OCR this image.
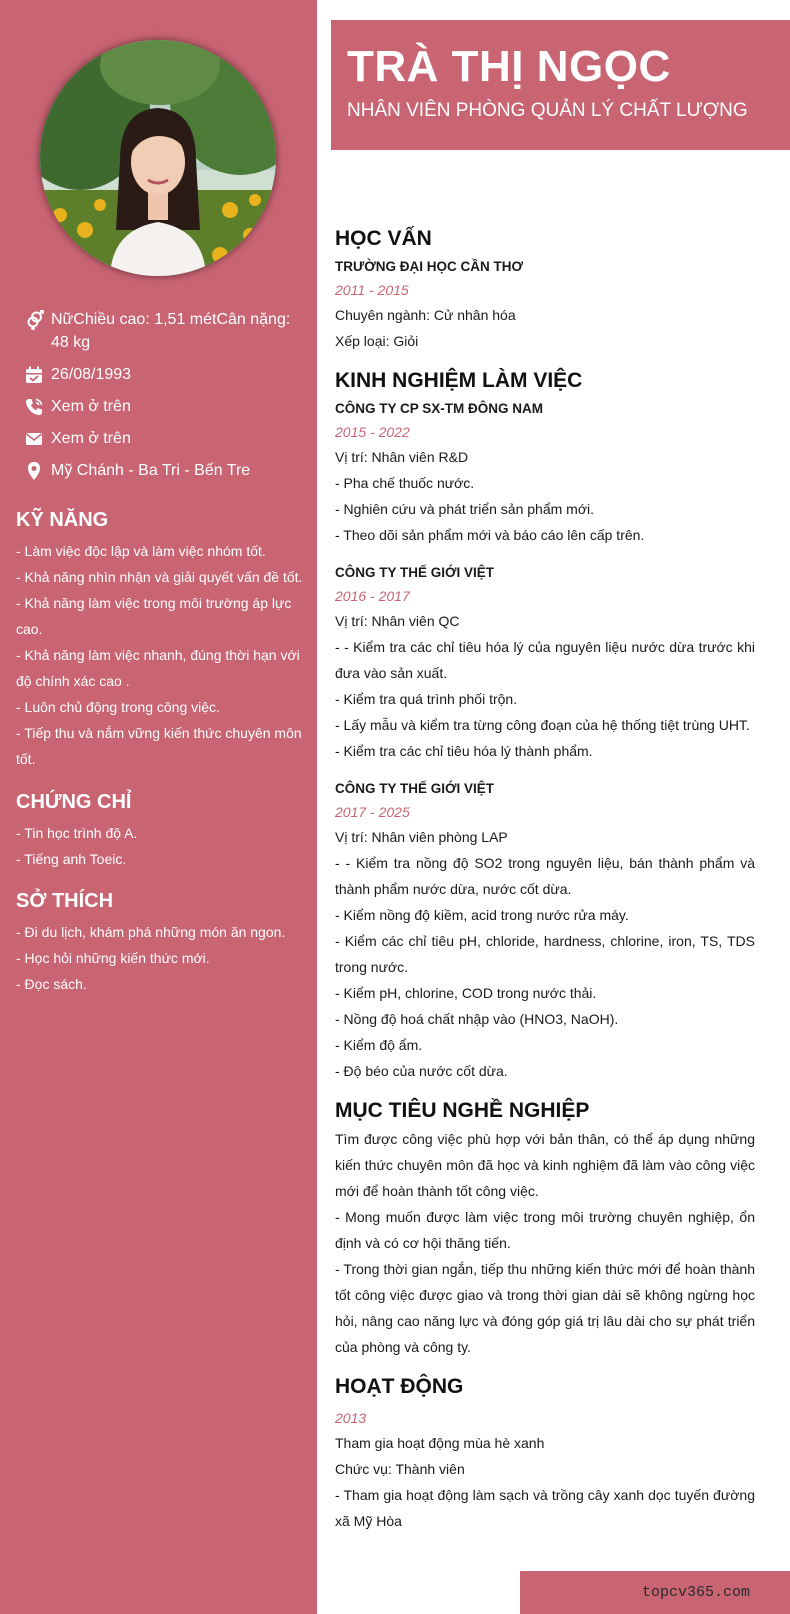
NữChiều cao: 1,51 métCân nặng: 48 kg
26/08/1993
Xem ở trên
Xem ở trên
Mỹ Chánh - Ba Tri - Bến Tre
KỸ NĂNG
- Làm việc độc lập và làm việc nhóm tốt.
- Khả năng nhìn nhận và giải quyết vấn đề tốt.
- Khả năng làm việc trong môi trường áp lực cao.
- Khả năng làm việc nhanh, đúng thời hạn với độ chính xác cao .
- Luôn chủ động trong công việc.
- Tiếp thu và nắm vững kiến thức chuyên môn tốt.
CHỨNG CHỈ
- Tin học trình độ A.
- Tiếng anh Toeic.
SỞ THÍCH
- Đi du lịch, khám phá những món ăn ngon.
- Học hỏi những kiến thức mới.
- Đọc sách.
TRÀ THỊ NGỌC
NHÂN VIÊN PHÒNG QUẢN LÝ CHẤT LƯỢNG
HỌC VẤN
TRƯỜNG ĐẠI HỌC CẦN THƠ
2011 - 2015
Chuyên ngành: Cử nhân hóa
Xếp loại: Giỏi
KINH NGHIỆM LÀM VIỆC
CÔNG TY CP SX-TM ĐÔNG NAM
2015 - 2022
Vị trí: Nhân viên R&D
- Pha chế thuốc nước.
- Nghiên cứu và phát triển sản phẩm mới.
- Theo dõi sản phẩm mới và báo cáo lên cấp trên.
CÔNG TY THẾ GIỚI VIỆT
2016 - 2017
Vị trí: Nhân viên QC
- - Kiểm tra các chỉ tiêu hóa lý của nguyên liệu nước dừa trước khi đưa vào sản xuất.
- Kiểm tra quá trình phối trộn.
- Lấy mẫu và kiểm tra từng công đoạn của hệ thống tiệt trùng UHT.
- Kiểm tra các chỉ tiêu hóa lý thành phẩm.
CÔNG TY THẾ GIỚI VIỆT
2017 - 2025
Vị trí: Nhân viên phòng LAP
- - Kiểm tra nồng độ SO2 trong nguyên liệu, bán thành phẩm và thành phẩm nước dừa, nước cốt dừa.
- Kiểm nồng độ kiềm, acid trong nước rửa máy.
- Kiểm các chỉ tiêu pH, chloride, hardness, chlorine, iron, TS, TDS trong nước.
- Kiểm pH, chlorine, COD trong nước thải.
- Nồng độ hoá chất nhập vào (HNO3, NaOH).
- Kiểm độ ẩm.
- Độ béo của nước cốt dừa.
MỤC TIÊU NGHỀ NGHIỆP
Tìm được công việc phù hợp với bản thân, có thể áp dụng những kiến thức chuyên môn đã học và kinh nghiệm đã làm vào công việc mới để hoàn thành tốt công việc.
- Mong muốn được làm việc trong môi trường chuyên nghiệp, ổn định và có cơ hội thăng tiến.
- Trong thời gian ngắn, tiếp thu những kiến thức mới để hoàn thành tốt công việc được giao và trong thời gian dài sẽ không ngừng học hỏi, nâng cao năng lực và đóng góp giá trị lâu dài cho sự phát triển của phòng và công ty.
HOẠT ĐỘNG
2013
Tham gia hoạt động mùa hè xanh
Chức vụ: Thành viên
- Tham gia hoạt động làm sạch và trồng cây xanh dọc tuyến đường xã Mỹ Hòa
topcv365.com
